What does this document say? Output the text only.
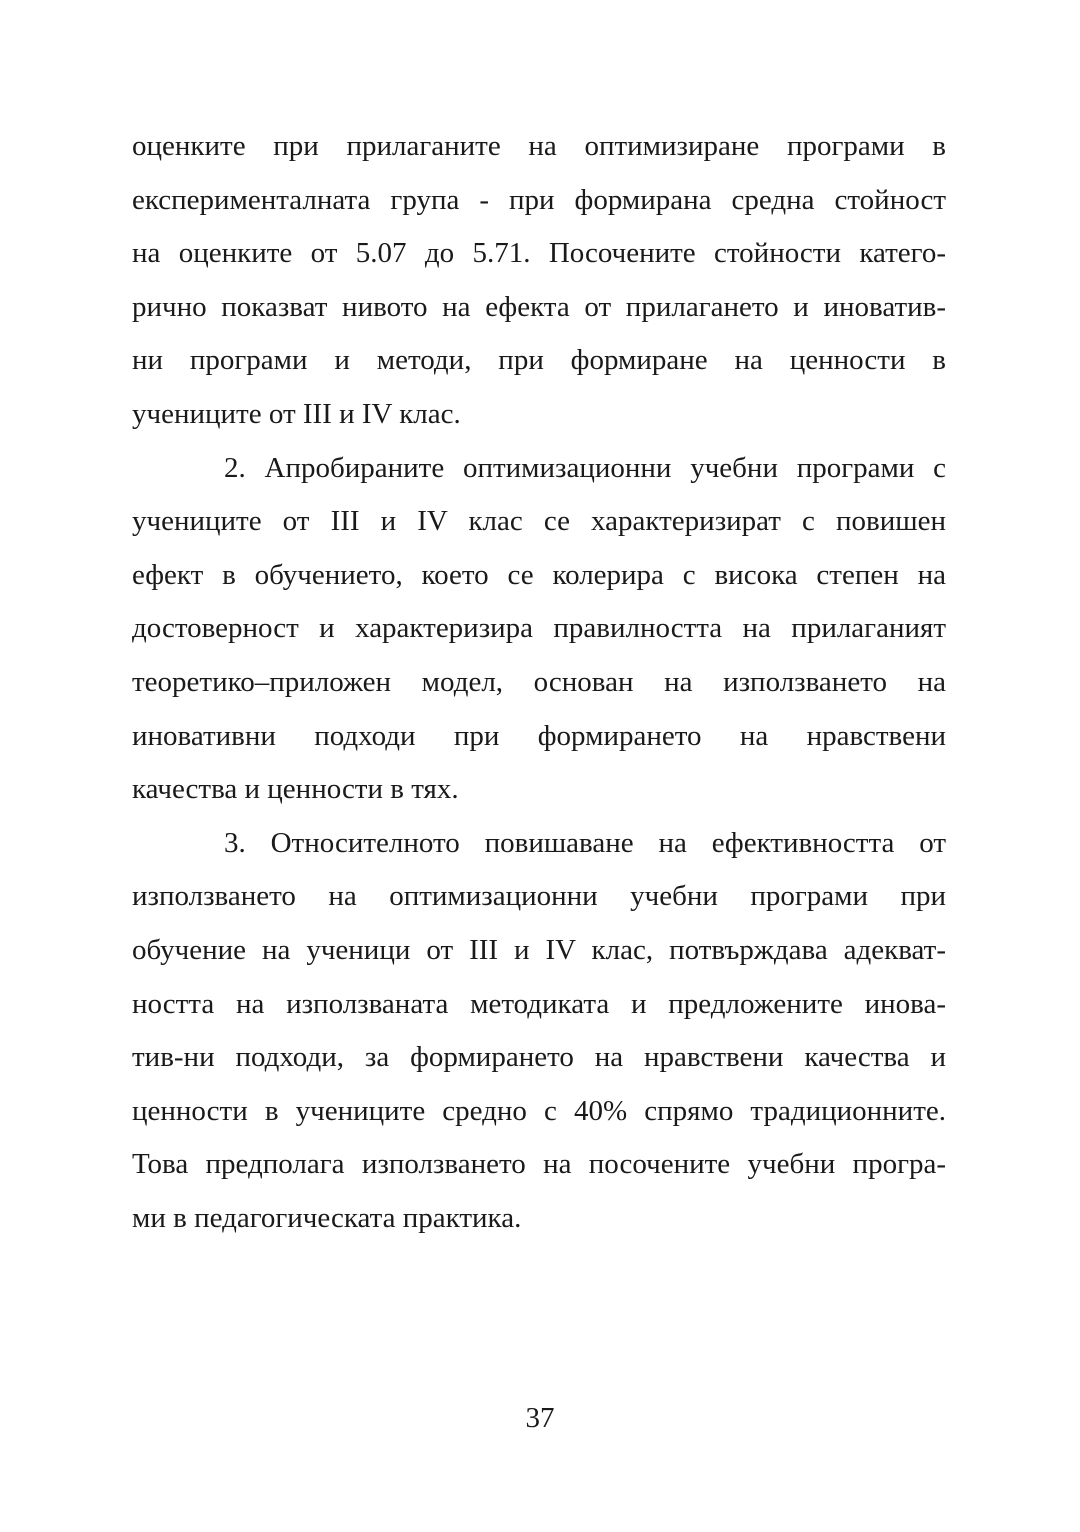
оценките при прилаганите на оптимизиране програми в
експерименталната група - при формирана средна стойност
на оценките от 5.07 до 5.71. Посочените стойности катего-
рично показват нивото на ефекта от прилагането и иноватив-
ни програми и методи, при формиране на ценности в
учениците от III и IV клас.
2. Апробираните оптимизационни учебни програми с
учениците от III и IV клас се характеризират с повишен
ефект в обучението, което се колерира с висока степен на
достоверност и характеризира правилността на прилаганият
теоретико–приложен модел, основан на използването на
иновативни подходи при формирането на нравствени
качества и ценности в тях.
3. Относителното повишаване на ефективността от
използването на оптимизационни учебни програми при
обучение на ученици от III и IV клас, потвърждава адекват-
ността на използваната методиката и предложените инова-
тив-ни подходи, за формирането на нравствени качества и
ценности в учениците средно с 40% спрямо традиционните.
Това предполага използването на посочените учебни програ-
ми в педагогическата практика.
37
